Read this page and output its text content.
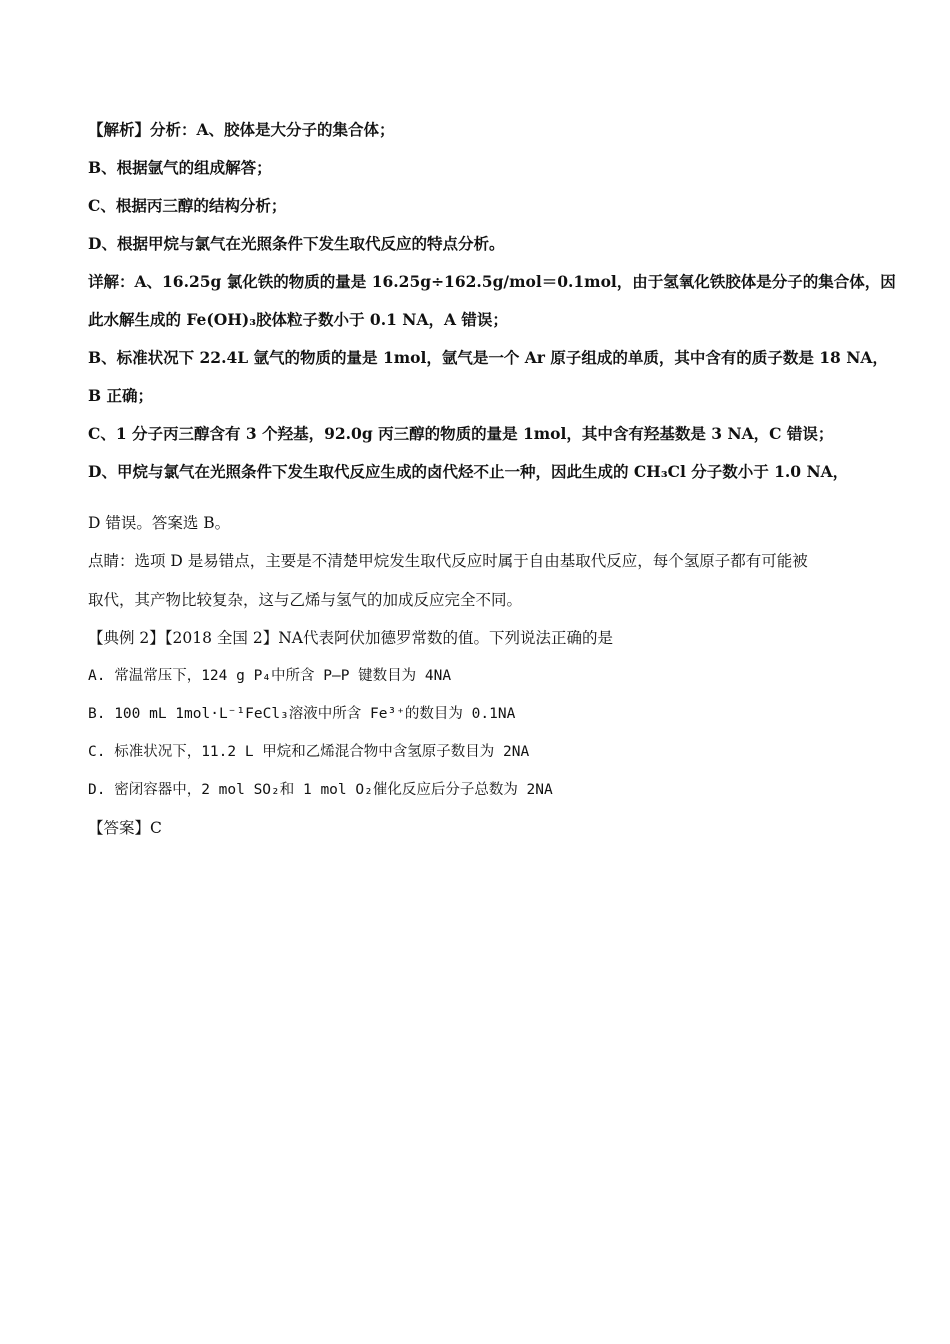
【解析】分析：A、胶体是大分子的集合体；
B、根据氩气的组成解答；
C、根据丙三醇的结构分析；
D、根据甲烷与氯气在光照条件下发生取代反应的特点分析。
详解：A、16.25g 氯化铁的物质的量是 16.25g÷162.5g/mol＝0.1mol，由于氢氧化铁胶体是分子的集合体，因
此水解生成的 Fe(OH)₃胶体粒子数小于 0.1 NA，A 错误；
B、标准状况下 22.4L 氩气的物质的量是 1mol，氩气是一个 Ar 原子组成的单质，其中含有的质子数是 18 NA，
B 正确；
C、1 分子丙三醇含有 3 个羟基，92.0g 丙三醇的物质的量是 1mol，其中含有羟基数是 3 NA，C 错误；
D、甲烷与氯气在光照条件下发生取代反应生成的卤代烃不止一种，因此生成的 CH₃Cl 分子数小于 1.0 NA，
D 错误。答案选 B。
点睛：选项 D 是易错点，主要是不清楚甲烷发生取代反应时属于自由基取代反应，每个氢原子都有可能被
取代，其产物比较复杂，这与乙烯与氢气的加成反应完全不同。
【典例 2】【2018 全国 2】NA代表阿伏加德罗常数的值。下列说法正确的是
A. 常温常压下，124 g P₄中所含 P—P 键数目为 4NA
B. 100 mL 1mol·L⁻¹FeCl₃溶液中所含 Fe³⁺的数目为 0.1NA
C. 标准状况下，11.2 L 甲烷和乙烯混合物中含氢原子数目为 2NA
D. 密闭容器中，2 mol SO₂和 1 mol O₂催化反应后分子总数为 2NA
【答案】C
